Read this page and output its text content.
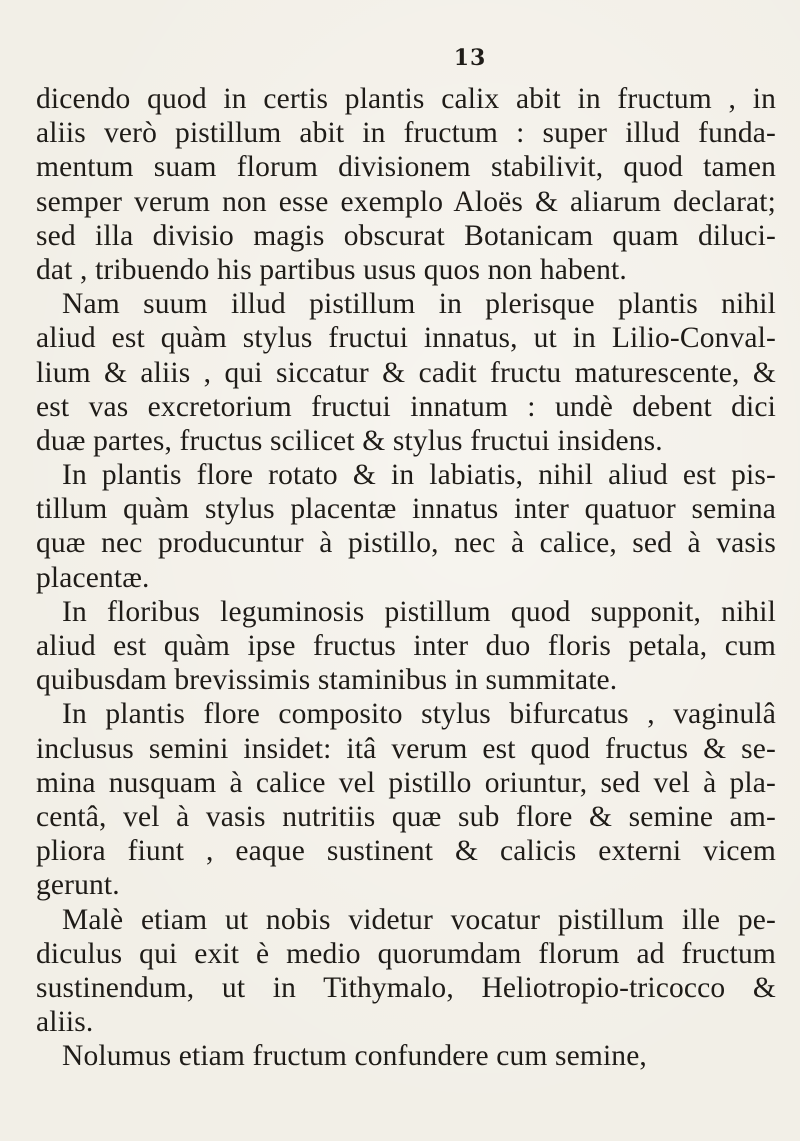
13
dicendo quod in certis plantis calix abit in fructum , in
aliis verò pistillum abit in fructum : super illud funda-
mentum suam florum divisionem stabilivit, quod tamen
semper verum non esse exemplo Aloës & aliarum declarat;
sed illa divisio magis obscurat Botanicam quam diluci-
dat , tribuendo his partibus usus quos non habent.
Nam suum illud pistillum in plerisque plantis nihil
aliud est quàm stylus fructui innatus, ut in Lilio-Conval-
lium & aliis , qui siccatur & cadit fructu maturescente, &
est vas excretorium fructui innatum : undè debent dici
duæ partes, fructus scilicet & stylus fructui insidens.
In plantis flore rotato & in labiatis, nihil aliud est pis-
tillum quàm stylus placentæ innatus inter quatuor semina
quæ nec producuntur à pistillo, nec à calice, sed à vasis
placentæ.
In floribus leguminosis pistillum quod supponit, nihil
aliud est quàm ipse fructus inter duo floris petala, cum
quibusdam brevissimis staminibus in summitate.
In plantis flore composito stylus bifurcatus , vaginulâ
inclusus semini insidet: itâ verum est quod fructus & se-
mina nusquam à calice vel pistillo oriuntur, sed vel à pla-
centâ, vel à vasis nutritiis quæ sub flore & semine am-
pliora fiunt , eaque sustinent & calicis externi vicem
gerunt.
Malè etiam ut nobis videtur vocatur pistillum ille pe-
diculus qui exit è medio quorumdam florum ad fructum
sustinendum, ut in Tithymalo, Heliotropio-tricocco &
aliis.
Nolumus etiam fructum confundere cum semine,
